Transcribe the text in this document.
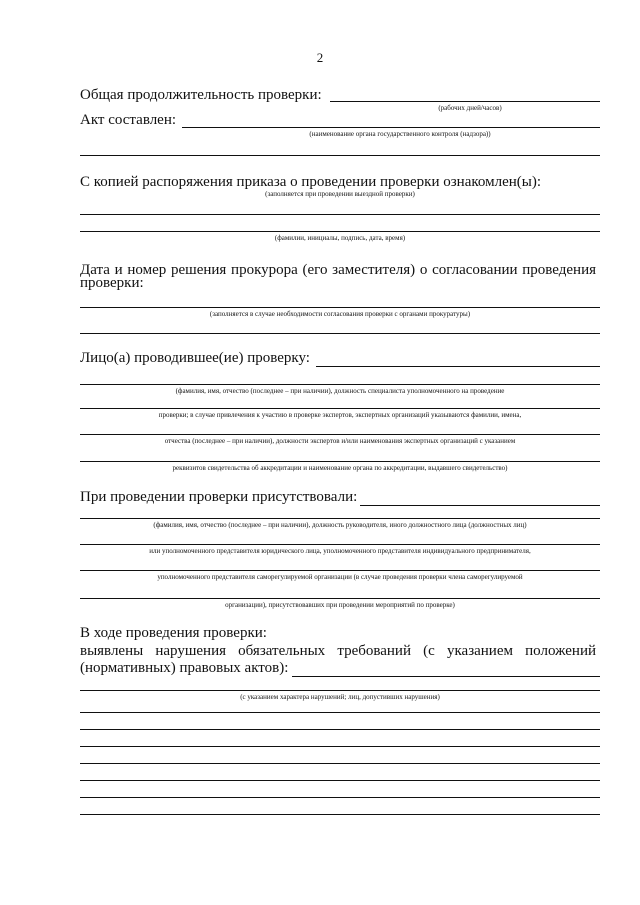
2
Общая продолжительность проверки:
(рабочих дней/часов)
Акт составлен:
(наименование органа государственного контроля (надзора))
С копией распоряжения приказа о проведении проверки ознакомлен(ы):
(заполняется при проведении выездной проверки)
(фамилии, инициалы, подпись, дата, время)
Дата и номер решения прокурора (его заместителя) о согласовании проведения
проверки:
(заполняется в случае необходимости согласования проверки с органами прокуратуры)
Лицо(а) проводившее(ие) проверку:
(фамилия, имя, отчество (последнее – при наличии), должность специалиста уполномоченного на проведение
проверки; в случае привлечения к участию в проверке экспертов, экспертных организаций указываются фамилии, имена,
отчества (последнее – при наличии), должности экспертов и/или наименования экспертных организаций с указанием
реквизитов свидетельства об аккредитации и наименование органа по аккредитации, выдавшего свидетельство)
При проведении проверки присутствовали:
(фамилия, имя, отчество (последнее – при наличии), должность руководителя, иного должностного лица (должностных лиц)
или уполномоченного представителя юридического лица, уполномоченного представителя индивидуального предпринимателя,
уполномоченного представителя саморегулируемой организации (в случае проведения проверки члена саморегулируемой
организации), присутствовавших при проведении мероприятий по проверке)
В ходе проведения проверки:
выявлены нарушения обязательных требований (с указанием положений
(нормативных) правовых актов):
(с указанием характера нарушений; лиц, допустивших нарушения)
